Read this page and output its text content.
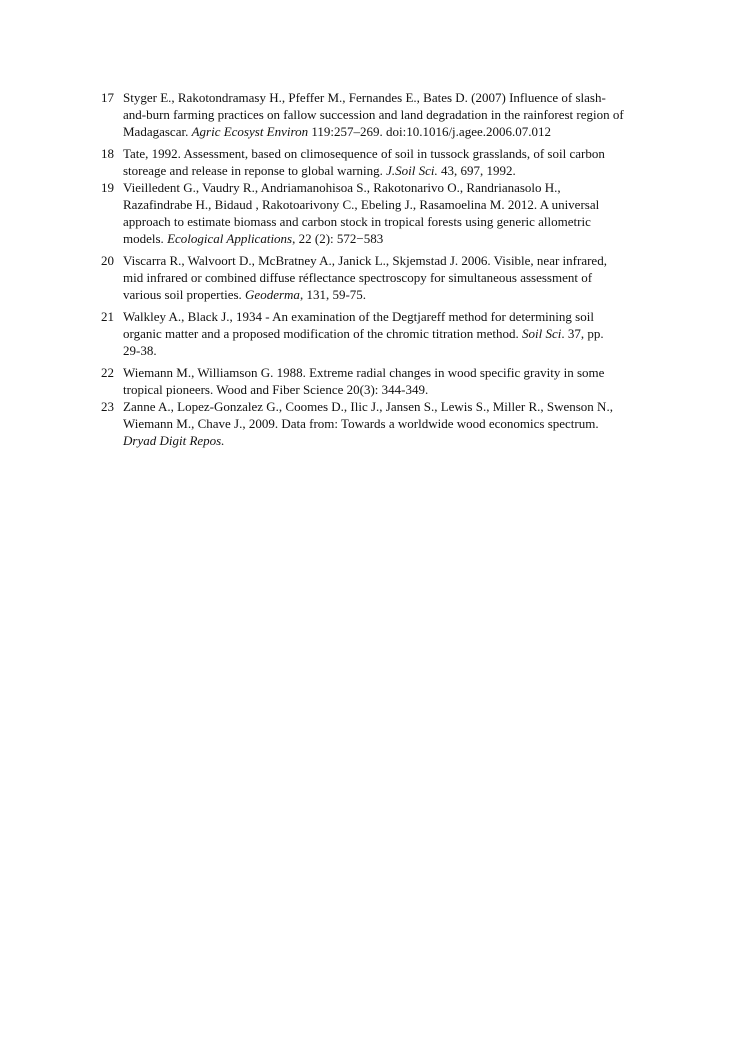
17 Styger E., Rakotondramasy H., Pfeffer M., Fernandes E., Bates D. (2007) Influence of slash-
and-burn farming practices on fallow succession and land degradation in the rainforest region of
Madagascar. Agric Ecosyst Environ 119:257–269. doi:10.1016/j.agee.2006.07.012
18 Tate, 1992. Assessment, based on climosequence of soil in tussock grasslands, of soil carbon
storeage and release in reponse to global warning. J.Soil Sci. 43, 697, 1992.
19 Vieilledent G., Vaudry R., Andriamanohisoa S., Rakotonarivo O., Randrianasolo H.,
Razafindrabe H., Bidaud , Rakotoarivony C., Ebeling J., Rasamoelina M. 2012. A universal
approach to estimate biomass and carbon stock in tropical forests using generic allometric
models. Ecological Applications, 22 (2): 572−583
20 Viscarra R., Walvoort D., McBratney A., Janick L., Skjemstad J. 2006. Visible, near infrared,
mid infrared or combined diffuse réflectance spectroscopy for simultaneous assessment of
various soil properties. Geoderma, 131, 59-75.
21 Walkley A., Black J., 1934 - An examination of the Degtjareff method for determining soil
organic matter and a proposed modification of the chromic titration method. Soil Sci. 37, pp.
29-38.
22 Wiemann M., Williamson G. 1988. Extreme radial changes in wood specific gravity in some
tropical pioneers. Wood and Fiber Science 20(3): 344-349.
23 Zanne A., Lopez-Gonzalez G., Coomes D., Ilic J., Jansen S., Lewis S., Miller R., Swenson N.,
Wiemann M., Chave J., 2009. Data from: Towards a worldwide wood economics spectrum.
Dryad Digit Repos.
